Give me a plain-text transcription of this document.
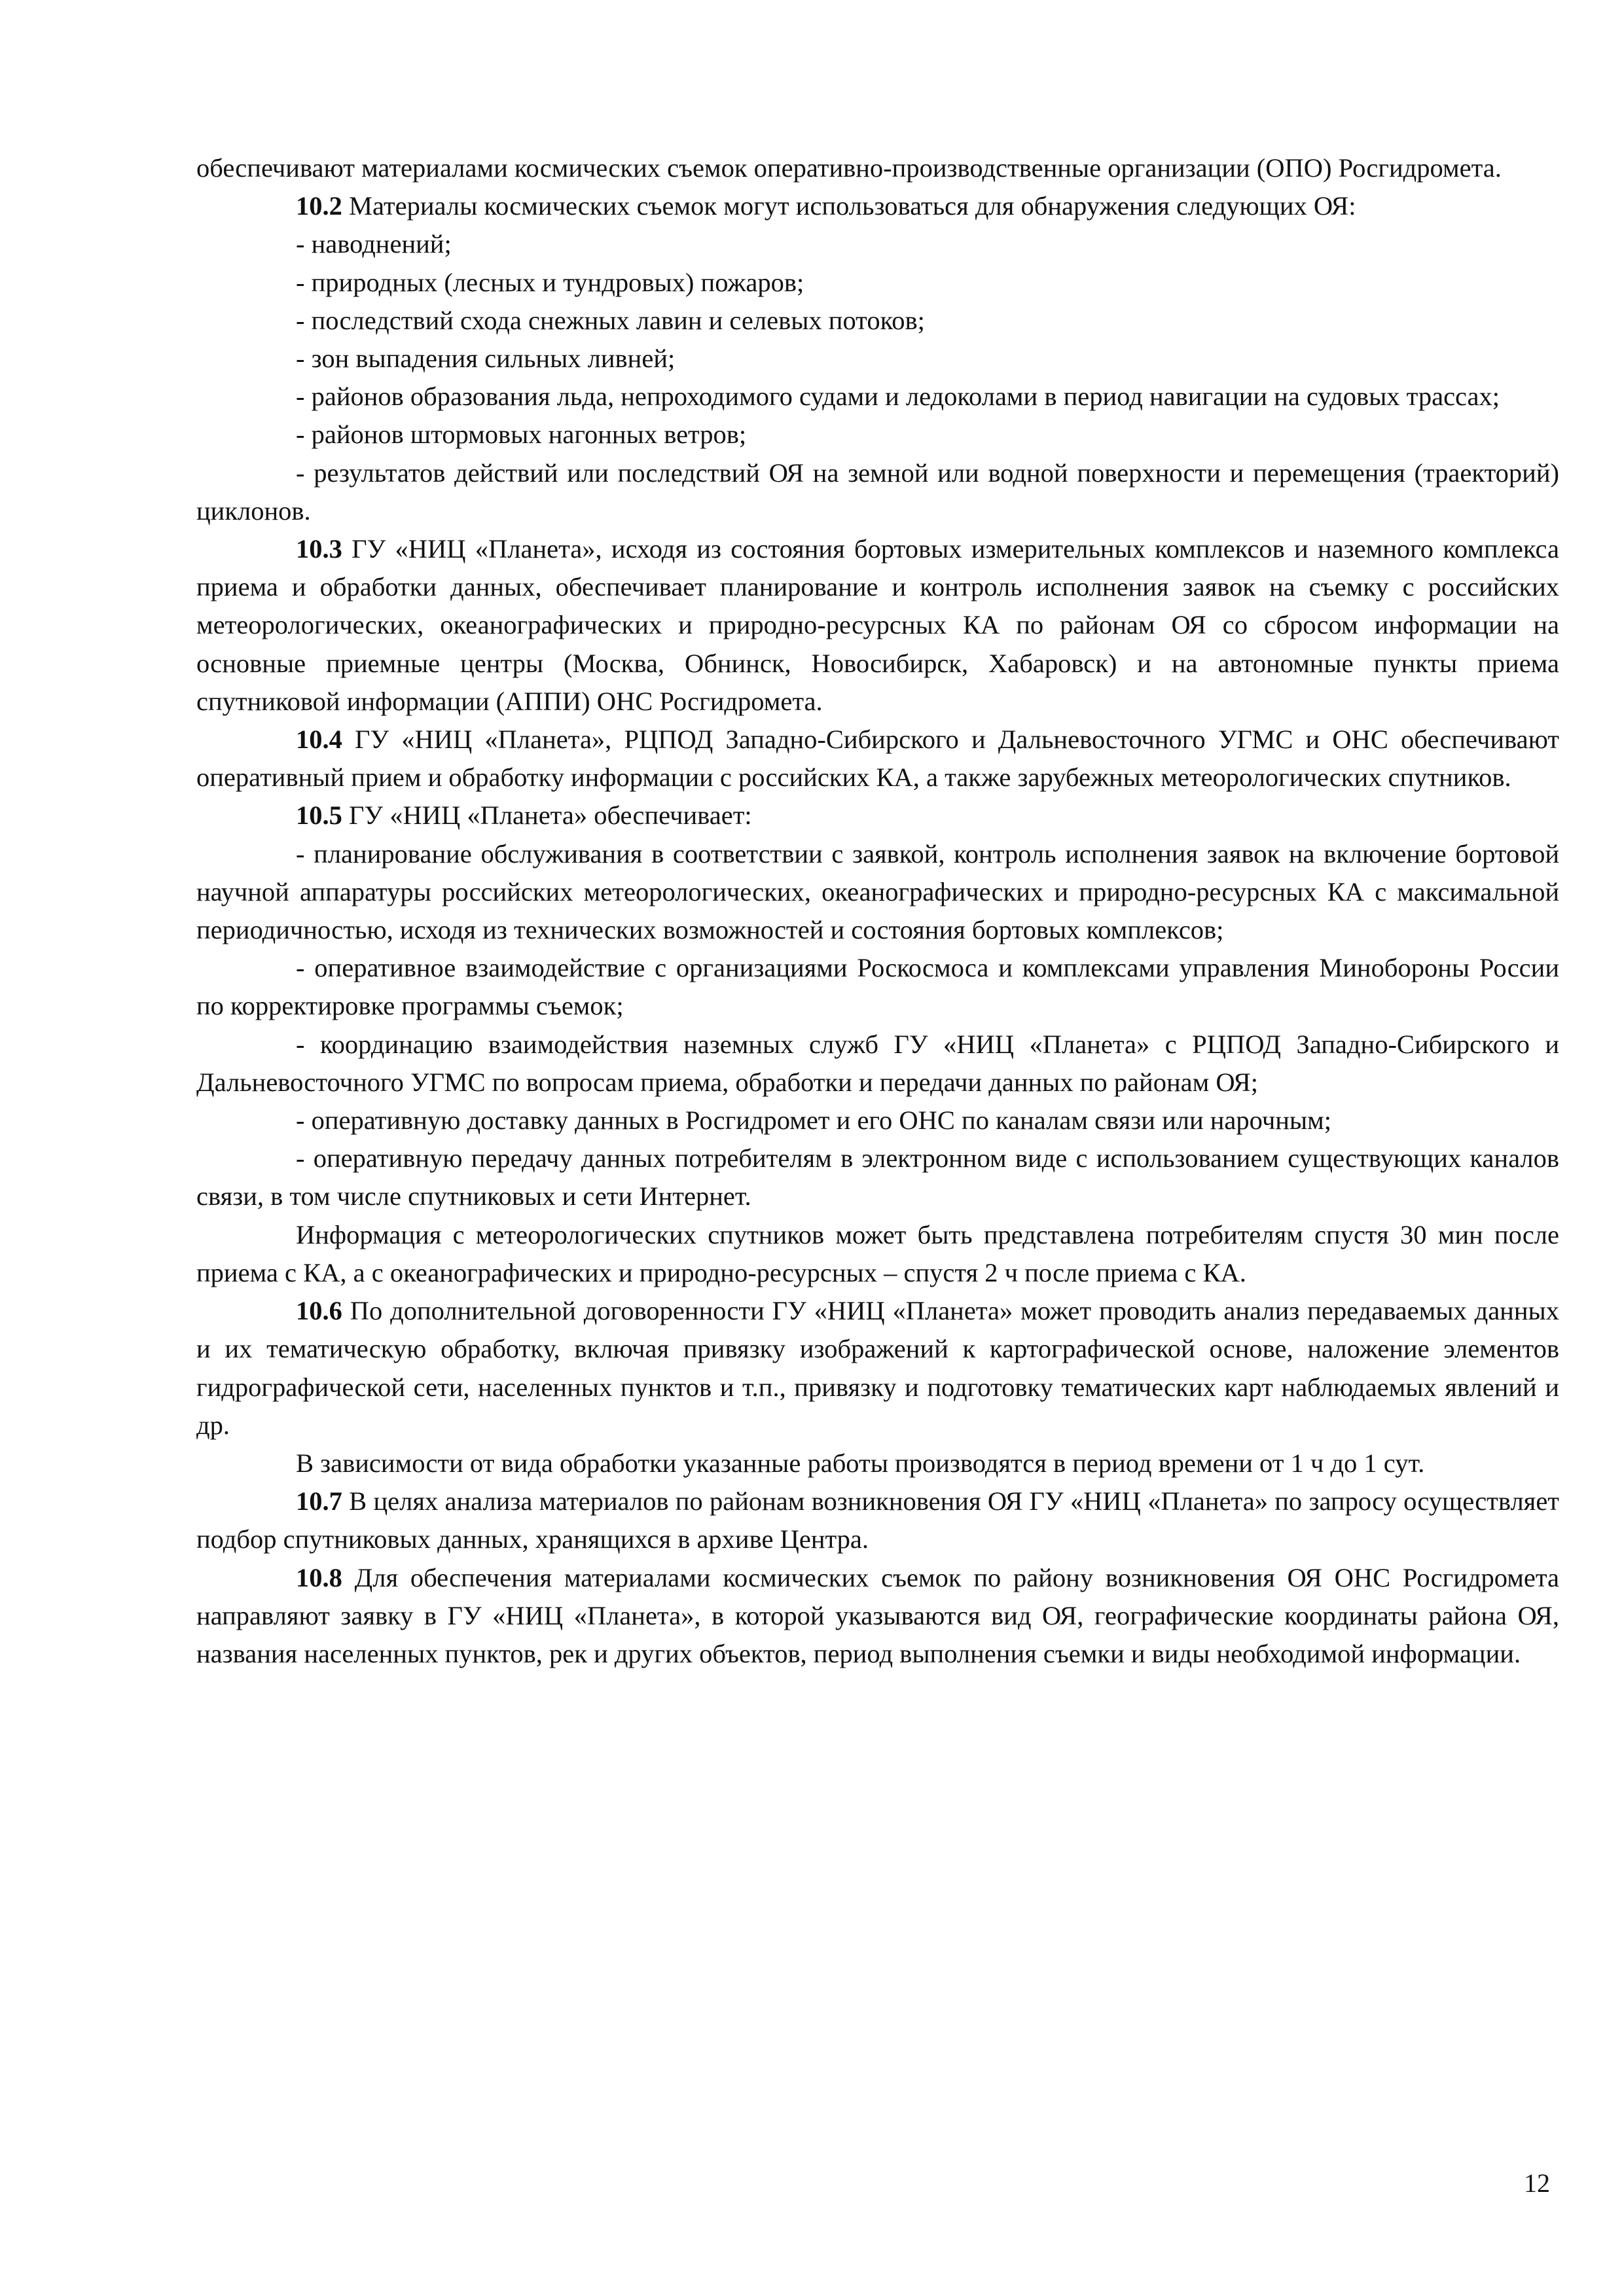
обеспечивают материалами космических съемок оперативно-производственные организации (ОПО) Росгидромета.

10.2 Материалы космических съемок могут использоваться для обнаружения следующих ОЯ:

- наводнений;

- природных (лесных и тундровых) пожаров;

- последствий схода снежных лавин и селевых потоков;

- зон выпадения сильных ливней;

- районов образования льда, непроходимого судами и ледоколами в период навигации на судовых трассах;

- районов штормовых нагонных ветров;

- результатов действий или последствий ОЯ на земной или водной поверхности и перемещения (траекторий) циклонов.

10.3 ГУ «НИЦ «Планета», исходя из состояния бортовых измерительных комплексов и наземного комплекса приема и обработки данных, обеспечивает планирование и контроль исполнения заявок на съемку с российских метеорологических, океанографических и природно-ресурсных КА по районам ОЯ со сбросом информации на основные приемные центры (Москва, Обнинск, Новосибирск, Хабаровск) и на автономные пункты приема спутниковой информации (АППИ) ОНС Росгидромета.

10.4 ГУ «НИЦ «Планета», РЦПОД Западно-Сибирского и Дальневосточного УГМС и ОНС обеспечивают оперативный прием и обработку информации с российских КА, а также зарубежных метеорологических спутников.

10.5 ГУ «НИЦ «Планета» обеспечивает:

- планирование обслуживания в соответствии с заявкой, контроль исполнения заявок на включение бортовой научной аппаратуры российских метеорологических, океанографических и природно-ресурсных КА с максимальной периодичностью, исходя из технических возможностей и состояния бортовых комплексов;

- оперативное взаимодействие с организациями Роскосмоса и комплексами управления Минобороны России по корректировке программы съемок;

- координацию взаимодействия наземных служб ГУ «НИЦ «Планета» с РЦПОД Западно-Сибирского и Дальневосточного УГМС по вопросам приема, обработки и передачи данных по районам ОЯ;

- оперативную доставку данных в Росгидромет и его ОНС по каналам связи или нарочным;

- оперативную передачу данных потребителям в электронном виде с использованием существующих каналов связи, в том числе спутниковых и сети Интернет.

Информация с метеорологических спутников может быть представлена потребителям спустя 30 мин после приема с КА, а с океанографических и природно-ресурсных – спустя 2 ч после приема с КА.

10.6 По дополнительной договоренности ГУ «НИЦ «Планета» может проводить анализ передаваемых данных и их тематическую обработку, включая привязку изображений к картографической основе, наложение элементов гидрографической сети, населенных пунктов и т.п., привязку и подготовку тематических карт наблюдаемых явлений и др.

В зависимости от вида обработки указанные работы производятся в период времени от 1 ч до 1 сут.

10.7 В целях анализа материалов по районам возникновения ОЯ ГУ «НИЦ «Планета» по запросу осуществляет подбор спутниковых данных, хранящихся в архиве Центра.

10.8 Для обеспечения материалами космических съемок по району возникновения ОЯ ОНС Росгидромета направляют заявку в ГУ «НИЦ «Планета», в которой указываются вид ОЯ, географические координаты района ОЯ, названия населенных пунктов, рек и других объектов, период выполнения съемки и виды необходимой информации.

12
